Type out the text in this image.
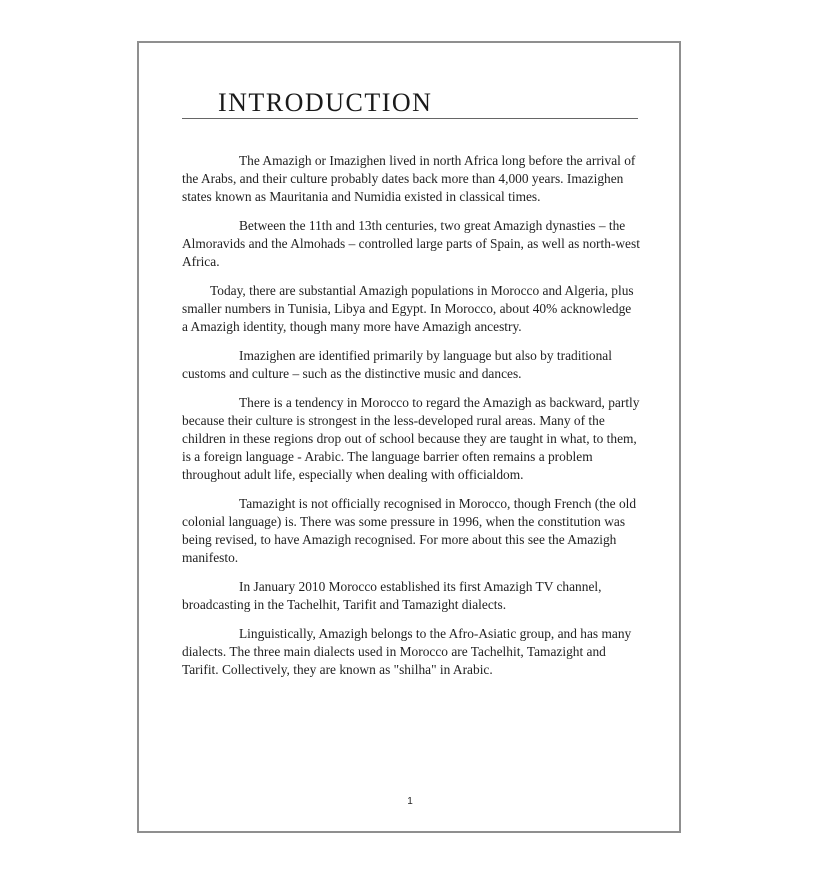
INTRODUCTION

The Amazigh or Imazighen lived in north Africa long before the arrival of the Arabs, and their culture probably dates back more than 4,000 years. Imazighen states known as Mauritania and Numidia existed in classical times.

Between the 11th and 13th centuries, two great Amazigh dynasties – the Almoravids and the Almohads – controlled large parts of Spain, as well as north-west Africa.

Today, there are substantial Amazigh populations in Morocco and Algeria, plus smaller numbers in Tunisia, Libya and Egypt. In Morocco, about 40% acknowledge a Amazigh identity, though many more have Amazigh ancestry.

Imazighen are identified primarily by language but also by traditional customs and culture – such as the distinctive music and dances.

There is a tendency in Morocco to regard the Amazigh as backward, partly because their culture is strongest in the less-developed rural areas. Many of the children in these regions drop out of school because they are taught in what, to them, is a foreign language - Arabic. The language barrier often remains a problem throughout adult life, especially when dealing with officialdom.

Tamazight is not officially recognised in Morocco, though French (the old colonial language) is. There was some pressure in 1996, when the constitution was being revised, to have Amazigh recognised. For more about this see the Amazigh manifesto.

In January 2010 Morocco established its first Amazigh TV channel, broadcasting in the Tachelhit, Tarifit and Tamazight dialects.

Linguistically, Amazigh belongs to the Afro-Asiatic group, and has many dialects. The three main dialects used in Morocco are Tachelhit, Tamazight and Tarifit. Collectively, they are known as "shilha" in Arabic.

1
